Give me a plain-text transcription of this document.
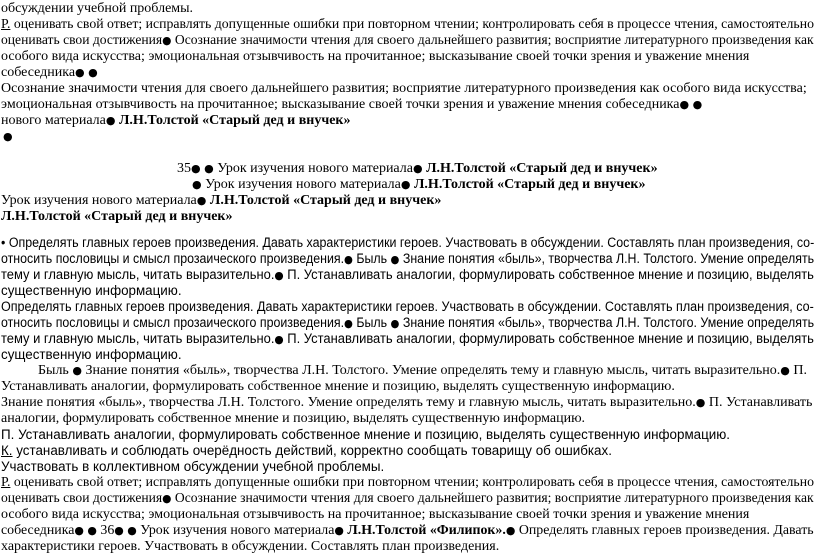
обсуждении учебной проблемы.
Р. оценивать свой ответ; исправлять допущенные ошибки при повторном чтении; контролировать себя в процессе чтения, самостоятельно
оценивать свои достижения● Осознание значимости чтения для своего дальнейшего развития; восприятие литературного произведения как
особого вида искусства; эмоциональная отзывчивость на прочитанное; высказывание своей точки зрения и уважение мнения
собеседника● ●
Осознание значимости чтения для своего дальнейшего развития; восприятие литературного произведения как особого вида искусства;
эмоциональная отзывчивость на прочитанное; высказывание своей точки зрения и уважение мнения собеседника● ●
нового материала● Л.Н.Толстой «Старый дед и внучек»
●
35● ● Урок изучения нового материала● Л.Н.Толстой «Старый дед и внучек»
● Урок изучения нового материала● Л.Н.Толстой «Старый дед и внучек»
Урок изучения нового материала● Л.Н.Толстой «Старый дед и внучек»
Л.Н.Толстой «Старый дед и внучек»
• Определять главных героев произведения. Давать характеристики героев. Участвовать в обсуждении. Составлять план произведения, со-
относить пословицы и смысл прозаического произведения.● Быль ● Знание понятия «быль», творчества Л.Н. Толстого. Умение определять
тему и главную мысль, читать выразительно.● П. Устанавливать аналогии, формулировать собственное мнение и позицию, выделять
существенную информацию.
Определять главных героев произведения. Давать характеристики героев. Участвовать в обсуждении. Составлять план произведения, со-
относить пословицы и смысл прозаического произведения.● Быль ● Знание понятия «быль», творчества Л.Н. Толстого. Умение определять
тему и главную мысль, читать выразительно.● П. Устанавливать аналогии, формулировать собственное мнение и позицию, выделять
существенную информацию.
Быль ● Знание понятия «быль», творчества Л.Н. Толстого. Умение определять тему и главную мысль, читать выразительно.● П.
Устанавливать аналогии, формулировать собственное мнение и позицию, выделять существенную информацию.
Знание понятия «быль», творчества Л.Н. Толстого. Умение определять тему и главную мысль, читать выразительно.● П. Устанавливать
аналогии, формулировать собственное мнение и позицию, выделять существенную информацию.
П. Устанавливать аналогии, формулировать собственное мнение и позицию, выделять существенную информацию.
К. устанавливать и соблюдать очерёдность действий, корректно сообщать товарищу об ошибках.
Участвовать в коллективном обсуждении учебной проблемы.
Р. оценивать свой ответ; исправлять допущенные ошибки при повторном чтении; контролировать себя в процессе чтения, самостоятельно
оценивать свои достижения● Осознание значимости чтения для своего дальнейшего развития; восприятие литературного произведения как
особого вида искусства; эмоциональная отзывчивость на прочитанное; высказывание своей точки зрения и уважение мнения
собеседника● ● 36● ● Урок изучения нового материала● Л.Н.Толстой «Филипок».● Определять главных героев произведения. Давать
характеристики героев. Участвовать в обсуждении. Составлять план произведения.
